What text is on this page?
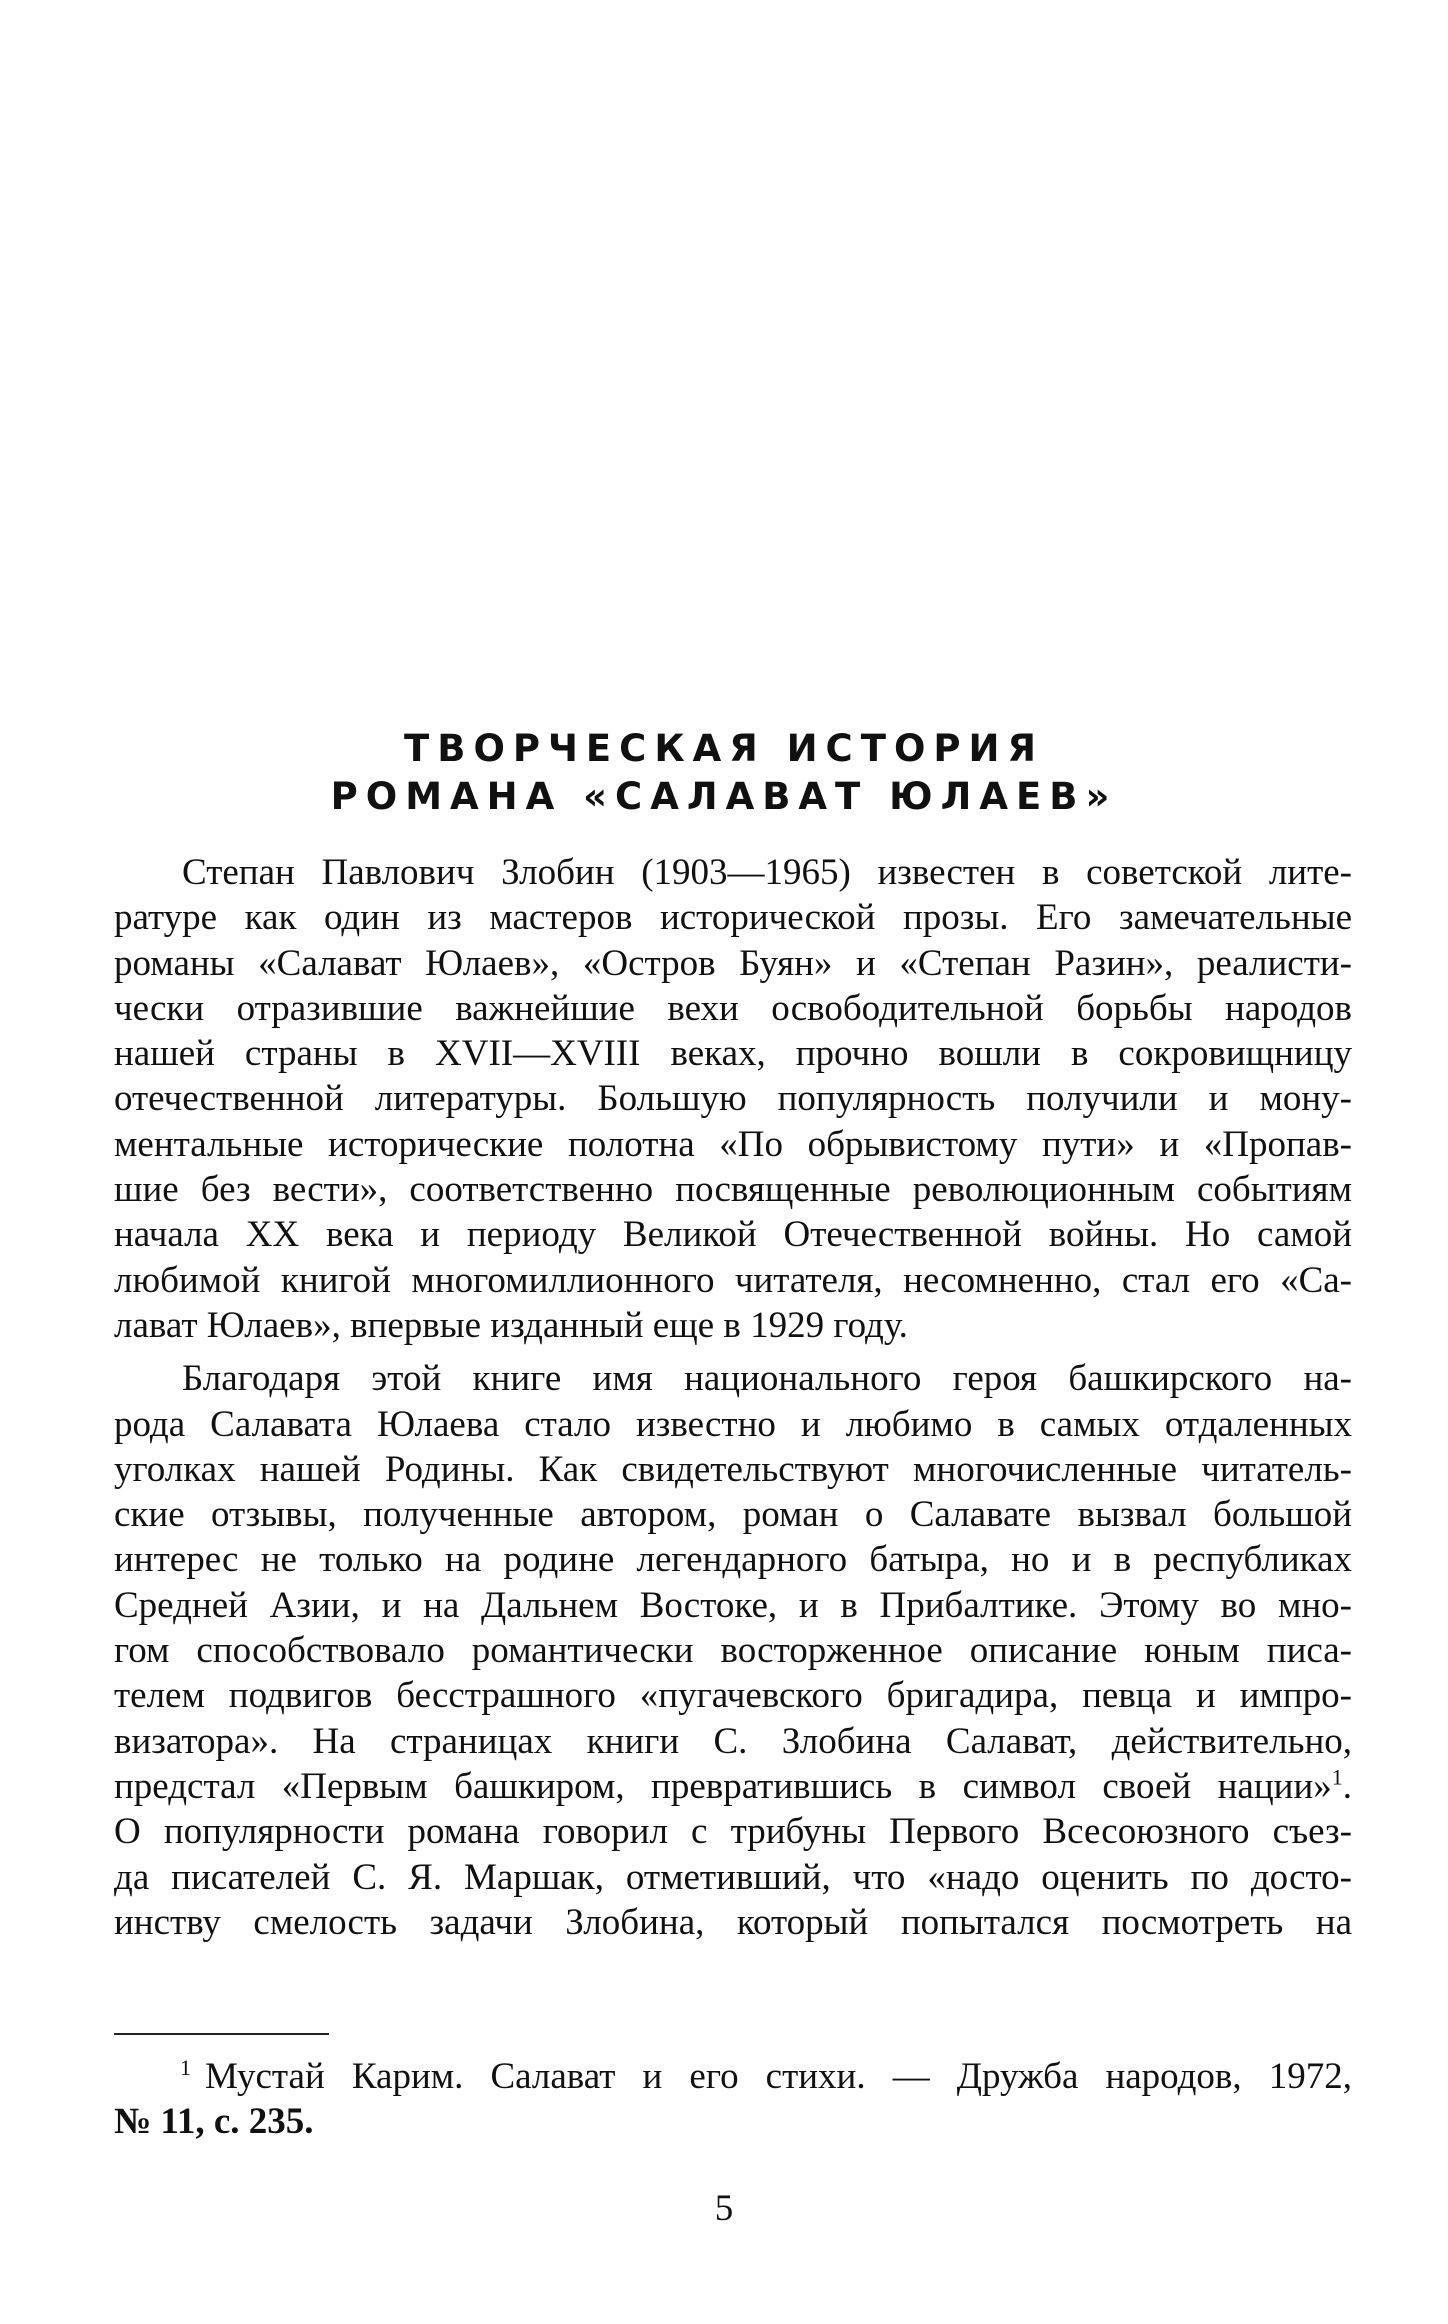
ТВОРЧЕСКАЯ ИСТОРИЯ
РОМАНА «САЛАВАТ ЮЛАЕВ»
Степан Павлович Злобин (1903—1965) известен в советской лите-
ратуре как один из мастеров исторической прозы. Его замечательные
романы «Салават Юлаев», «Остров Буян» и «Степан Разин», реалисти-
чески отразившие важнейшие вехи освободительной борьбы народов
нашей страны в XVII—XVIII веках, прочно вошли в сокровищницу
отечественной литературы. Большую популярность получили и мону-
ментальные исторические полотна «По обрывистому пути» и «Пропав-
шие без вести», соответственно посвященные революционным событиям
начала XX века и периоду Великой Отечественной войны. Но самой
любимой книгой многомиллионного читателя, несомненно, стал его «Са-
лават Юлаев», впервые изданный еще в 1929 году.
Благодаря этой книге имя национального героя башкирского на-
рода Салавата Юлаева стало известно и любимо в самых отдаленных
уголках нашей Родины. Как свидетельствуют многочисленные читатель-
ские отзывы, полученные автором, роман о Салавате вызвал большой
интерес не только на родине легендарного батыра, но и в республиках
Средней Азии, и на Дальнем Востоке, и в Прибалтике. Этому во мно-
гом способствовало романтически восторженное описание юным писа-
телем подвигов бесстрашного «пугачевского бригадира, певца и импро-
визатора». На страницах книги С. Злобина Салават, действительно,
предстал «Первым башкиром, превратившись в символ своей нации»$^1$.
О популярности романа говорил с трибуны Первого Всесоюзного съез-
да писателей С. Я. Маршак, отметивший, что «надо оценить по досто-
инству смелость задачи Злобина, который попытался посмотреть на
$^1$ Мустай Карим. Салават и его стихи. — Дружба народов, 1972,
№ 11, с. 235.
5
